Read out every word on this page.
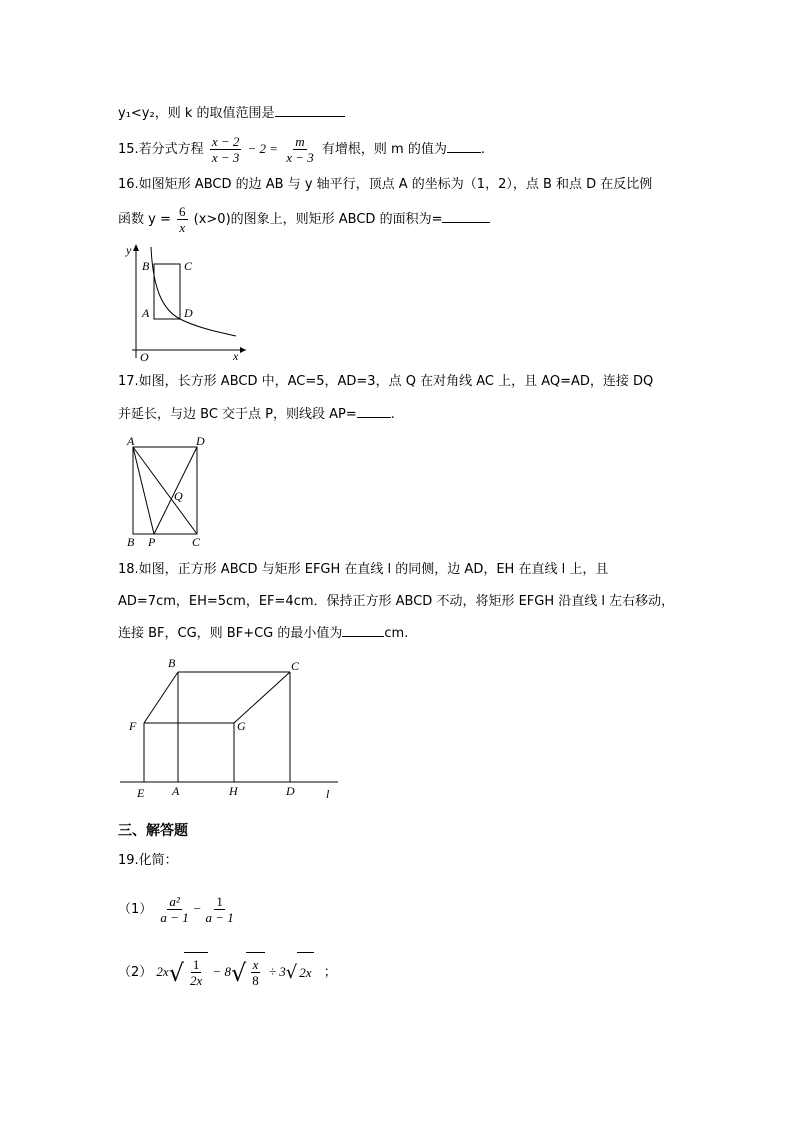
y₁<y₂，则 k 的取值范围是
15.若分式方程 $\frac{x - 2}{x - 3} - 2 = \frac{m}{x - 3}$ 有增根，则 m 的值为	.
16.如图矩形 ABCD 的边 AB 与 y 轴平行，顶点 A 的坐标为（1，2），点 B 和点 D 在反比例
函数 $y = \frac{6}{x} (x>0)$的图象上，则矩形 ABCD 的面积为=
y
x
O
B	C
A	D
17.如图，长方形 ABCD 中，AC=5，AD=3，点 Q 在对角线 AC 上，且 AQ=AD，连接 DQ
并延长，与边 BC 交于点 P，则线段 AP=	.
A	D
Q
B P	C
18.如图，正方形 ABCD 与矩形 EFGH 在直线 l 的同侧，边 AD，EH 在直线 l 上，且
AD=7cm，EH=5cm，EF=4cm．保持正方形 ABCD 不动，将矩形 EFGH 沿直线 l 左右移动，
连接 BF，CG，则 BF+CG 的最小值为	cm.
B	C
F	G
E A	H	D	l
三、解答题
19.化简：
$(1) \frac{\text{a²}}{a - 1} - \frac{1}{a - 1}$
（2） 2x √ $\frac{1}{2x} - 8$ √ $\frac{x}{8} \div 3$ √ 2x ；
